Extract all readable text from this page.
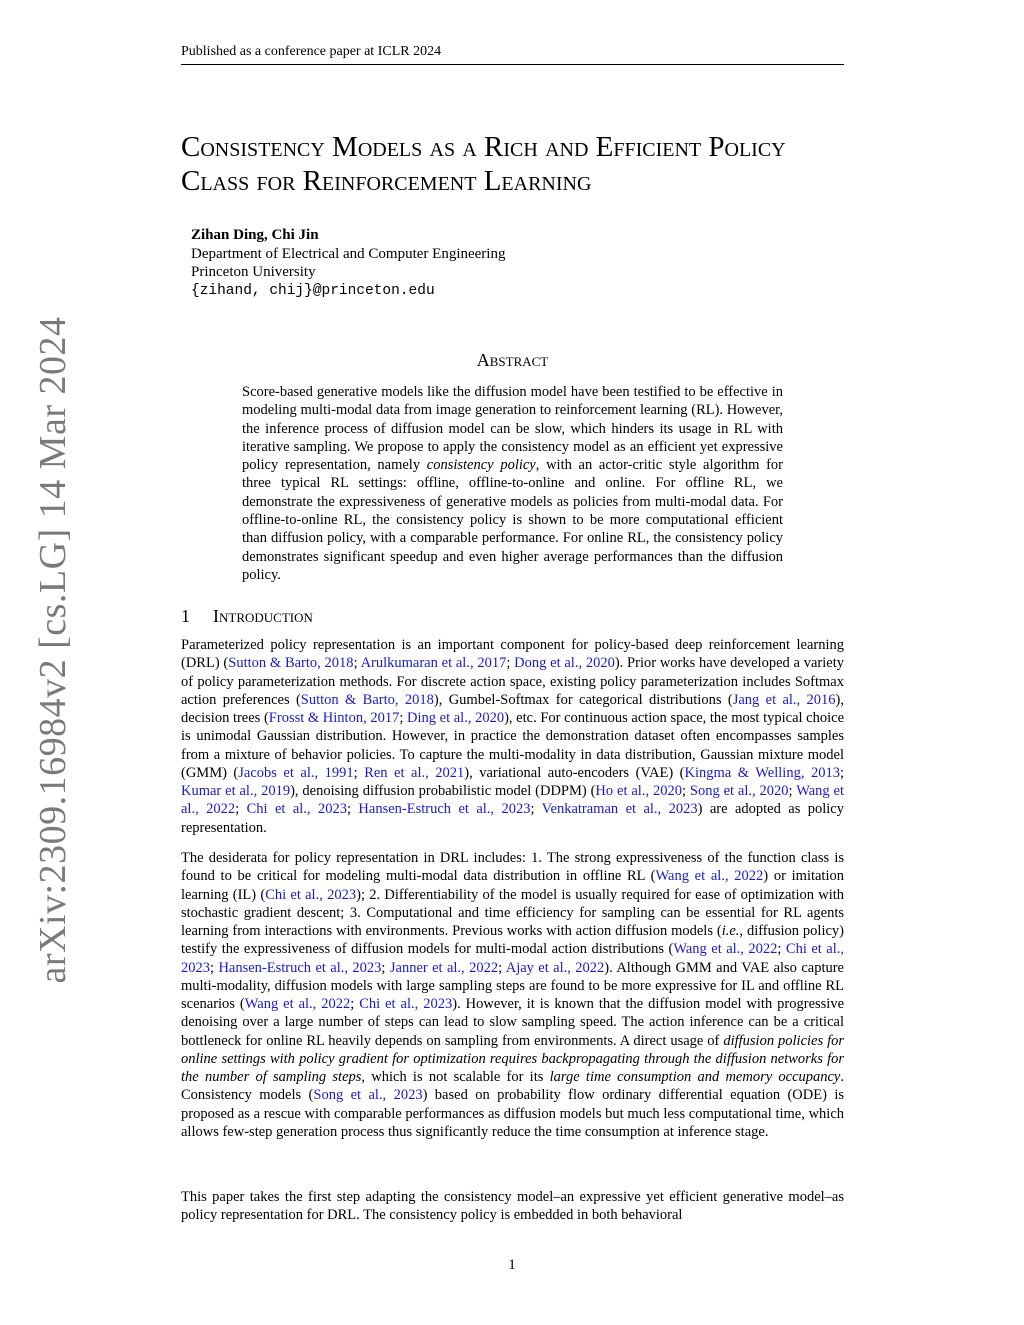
Published as a conference paper at ICLR 2024
Consistency Models as a Rich and Efficient Policy Class for Reinforcement Learning
Zihan Ding, Chi Jin
Department of Electrical and Computer Engineering
Princeton University
{zihand, chij}@princeton.edu
Abstract

Score-based generative models like the diffusion model have been testified to be effective in modeling multi-modal data from image generation to reinforcement learning (RL). However, the inference process of diffusion model can be slow, which hinders its usage in RL with iterative sampling. We propose to apply the consistency model as an efficient yet expressive policy representation, namely consistency policy, with an actor-critic style algorithm for three typical RL settings: offline, offline-to-online and online. For offline RL, we demonstrate the expressiveness of generative models as policies from multi-modal data. For offline-to-online RL, the consistency policy is shown to be more computational efficient than diffusion policy, with a comparable performance. For online RL, the consistency policy demonstrates significant speedup and even higher average performances than the diffusion policy.

1 Introduction

Parameterized policy representation is an important component for policy-based deep reinforcement learning (DRL) (Sutton & Barto, 2018; Arulkumaran et al., 2017; Dong et al., 2020). Prior works have developed a variety of policy parameterization methods. For discrete action space, existing policy parameterization includes Softmax action preferences (Sutton & Barto, 2018), Gumbel-Softmax for categorical distributions (Jang et al., 2016), decision trees (Frosst & Hinton, 2017; Ding et al., 2020), etc. For continuous action space, the most typical choice is unimodal Gaussian distribution. However, in practice the demonstration dataset often encompasses samples from a mixture of behavior policies. To capture the multi-modality in data distribution, Gaussian mixture model (GMM) (Jacobs et al., 1991; Ren et al., 2021), variational auto-encoders (VAE) (Kingma & Welling, 2013; Kumar et al., 2019), denoising diffusion probabilistic model (DDPM) (Ho et al., 2020; Song et al., 2020; Wang et al., 2022; Chi et al., 2023; Hansen-Estruch et al., 2023; Venkatraman et al., 2023) are adopted as policy representation.

The desiderata for policy representation in DRL includes: 1. The strong expressiveness of the function class is found to be critical for modeling multi-modal data distribution in offline RL (Wang et al., 2022) or imitation learning (IL) (Chi et al., 2023); 2. Differentiability of the model is usually required for ease of optimization with stochastic gradient descent; 3. Computational and time efficiency for sampling can be essential for RL agents learning from interactions with environments. Previous works with action diffusion models (i.e., diffusion policy) testify the expressiveness of diffusion models for multi-modal action distributions (Wang et al., 2022; Chi et al., 2023; Hansen-Estruch et al., 2023; Janner et al., 2022; Ajay et al., 2022). Although GMM and VAE also capture multi-modality, diffusion models with large sampling steps are found to be more expressive for IL and offline RL scenarios (Wang et al., 2022; Chi et al., 2023). However, it is known that the diffusion model with progressive denoising over a large number of steps can lead to slow sampling speed. The action inference can be a critical bottleneck for online RL heavily depends on sampling from environments. A direct usage of diffusion policies for online settings with policy gradient for optimization requires backpropagating through the diffusion networks for the number of sampling steps, which is not scalable for its large time consumption and memory occupancy. Consistency models (Song et al., 2023) based on probability flow ordinary differential equation (ODE) is proposed as a rescue with comparable performances as diffusion models but much less computational time, which allows few-step generation process thus significantly reduce the time consumption at inference stage.

This paper takes the first step adapting the consistency model–an expressive yet efficient generative model–as policy representation for DRL. The consistency policy is embedded in both behavioral

1
arXiv:2309.16984v2 [cs.LG] 14 Mar 2024
